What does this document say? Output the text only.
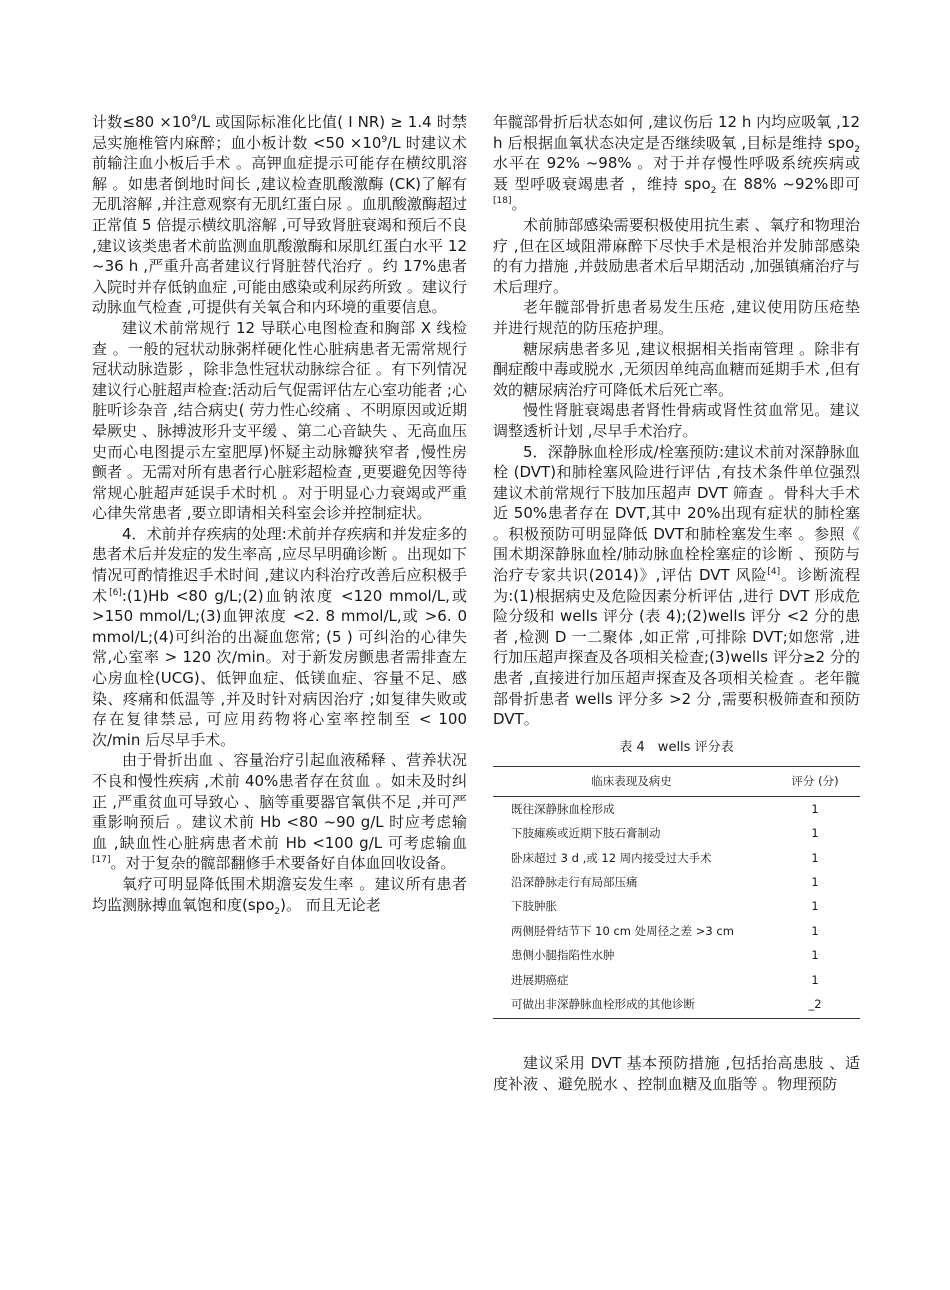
计数$\le 80 \times 10^9/L$ 或国际标准化比值( I NR) ≥ 1.4 时禁忌实施椎管内麻醉；血小板计数 $<50 \times 10^9/L$ 时建议术前输注血小板后手术 。高钾血症提示可能存在横纹肌溶解 。如患者倒地时间长 ,建议检查肌酸激酶 (CK)了解有无肌溶解 ,并注意观察有无肌红蛋白尿 。血肌酸激酶超过正常值 5 倍提示横纹肌溶解 ,可导致肾脏衰竭和预后不良 ,建议该类患者术前监测血肌酸激酶和尿肌红蛋白水平 12 ~36 h ,严重升高者建议行肾脏替代治疗 。约 17%患者入院时并存低钠血症 ,可能由感染或利尿药所致 。建议行动脉血气检查 ,可提供有关氧合和内环境的重要信息。

建议术前常规行 12 导联心电图检查和胸部 X 线检查 。一般的冠状动脉粥样硬化性心脏病患者无需常规行冠状动脉造影 ，除非急性冠状动脉综合征 。有下列情况建议行心脏超声检查:活动后气促需评估左心室功能者 ;心脏听诊杂音 ,结合病史( 劳力性心绞痛 、不明原因或近期晕厥史 、脉搏波形升支平缓 、第二心音缺失 、无高血压史而心电图提示左室肥厚)怀疑主动脉瓣狭窄者 ,慢性房颤者 。无需对所有患者行心脏彩超检查 ,更要避免因等待常规心脏超声延误手术时机 。对于明显心力衰竭或严重心律失常患者 ,要立即请相关科室会诊并控制症状。

4．术前并存疾病的处理:术前并存疾病和并发症多的患者术后并发症的发生率高 ,应尽早明确诊断 。出现如下情况可酌情推迟手术时间 ,建议内科治疗改善后应积极手术[6]:(1)Hb <80 g/L;(2)血钠浓度 <120 mmol/L,或 >150 mmol/L;(3)血钾浓度 <2. 8 mmol/L,或 >6. 0 mmol/L;(4)可纠治的出凝血您常; (5 ) 可纠治的心律失常,心室率 > 120 次/min。对于新发房颤患者需排查左心房血栓(UCG)、低钾血症、低镁血症、容量不足、感染、疼痛和低温等 ,并及时针对病因治疗 ;如复律失败或存在复律禁忌, 可应用药物将心室率控制至 < 100 次/min 后尽早手术。

由于骨折出血 、容量治疗引起血液稀释 、营养状况不良和慢性疾病 ,术前 40%患者存在贫血 。如未及时纠正 ,严重贫血可导致心 、脑等重要器官氧供不足 ,并可严重影响预后 。建议术前 Hb <80 ~90 g/L 时应考虑输血 ,缺血性心脏病患者术前 Hb <100 g/L 可考虑输血[17]。对于复杂的髋部翻修手术要备好自体血回收设备。

氧疗可明显降低围术期澹妄发生率 。建议所有患者均监测脉搏血氧饱和度(spo$_2$)。 而且无论老

年髋部骨折后状态如何 ,建议伤后 12 h 内均应吸氧 ,12 h 后根据血氧状态决定是否继续吸氧 ,目标是维持 spo$_2$ 水平在 92% ~98% 。对于并存慢性呼吸系统疾病或 聂 型呼吸衰竭患者 ，维持 spo$_2$ 在 88% ~92%即可[18]。

术前肺部感染需要积极使用抗生素 、氧疗和物理治疗 ,但在区域阻滞麻醉下尽快手术是根治并发肺部感染的有力措施 ,并鼓励患者术后早期活动 ,加强镇痛治疗与术后理疗。

老年髋部骨折患者易发生压疮 ,建议使用防压疮垫并进行规范的防压疮护理。

糖尿病患者多见 ,建议根据相关指南管理 。除非有酮症酸中毒或脱水 ,无须因单纯高血糖而延期手术 ,但有效的糖尿病治疗可降低术后死亡率。

慢性肾脏衰竭患者肾性骨病或肾性贫血常见。建议调整透析计划 ,尽早手术治疗。

5．深静脉血栓形成/栓塞预防:建议术前对深静脉血栓 (DVT)和肺栓塞风险进行评估 ,有技术条件单位强烈建议术前常规行下肢加压超声 DVT 筛查 。骨科大手术近 50%患者存在 DVT,其中 20%出现有症状的肺栓塞 。积极预防可明显降低 DVT和肺栓塞发生率 。参照《 围术期深静脉血栓/肺动脉血栓栓塞症的诊断 、预防与治疗专家共识(2014)》,评估 DVT 风险[4]。诊断流程为:(1)根据病史及危险因素分析评估 ,进行 DVT 形成危险分级和 wells 评分 (表 4);(2)wells 评分 <2 分的患者 ,检测 D 一二聚体 ,如正常 ,可排除 DVT;如您常 ,进行加压超声探查及各项相关检查;(3)wells 评分≥2 分的患者 ,直接进行加压超声探查及各项相关检查 。老年髋部骨折患者 wells 评分多 >2 分 ,需要积极筛查和预防 DVT。

表 4　wells 评分表
临床表现及病史	评分 (分)
既往深静脉血栓形成	1
下肢瘫痪或近期下肢石膏制动	1
卧床超过 3 d ,或 12 周内接受过大手术	1
沿深静脉走行有局部压痛	1
下肢肿胀	1
两侧胫骨结节下 10 cm 处周径之差 >3 cm	1
患侧小腿指陷性水肿	1
进展期癌症	1
可做出非深静脉血栓形成的其他诊断	_2

建议采用 DVT 基本预防措施 ,包括抬高患肢 、适度补液 、避免脱水 、控制血糖及血脂等 。物理预防
